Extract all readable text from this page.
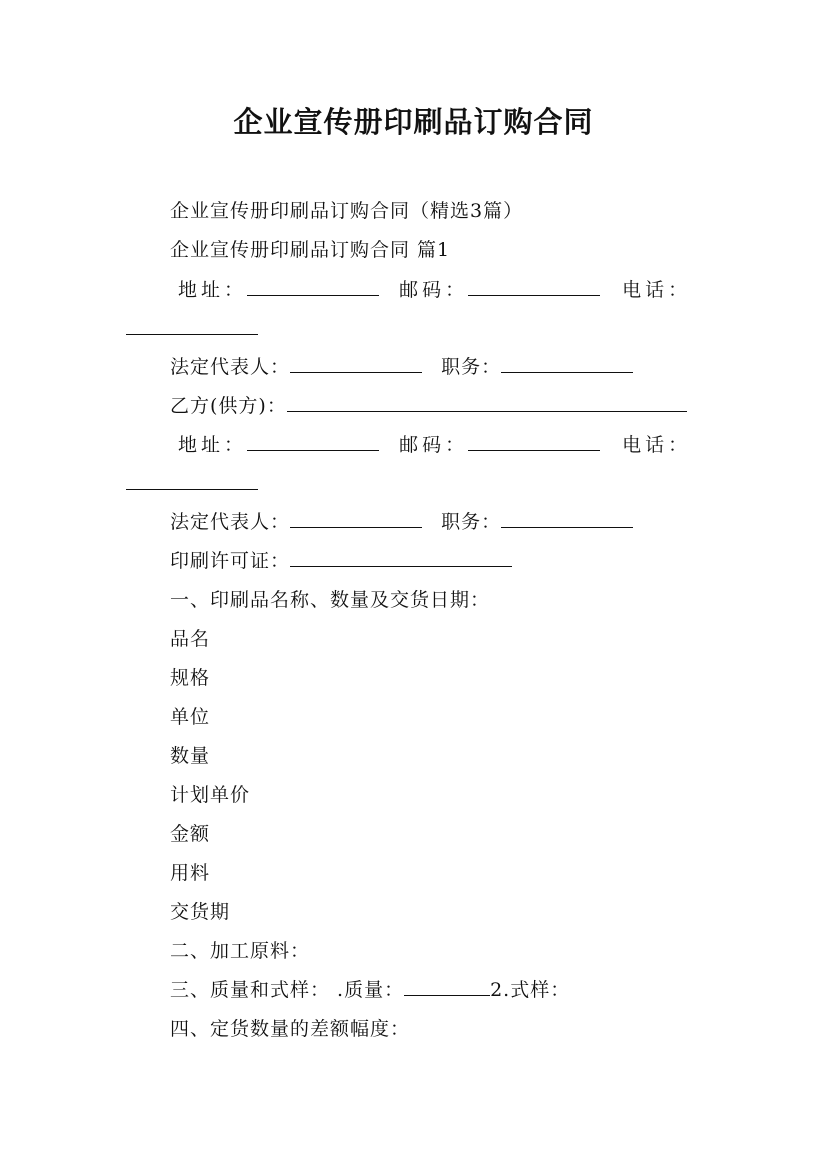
企业宣传册印刷品订购合同
企业宣传册印刷品订购合同（精选3篇）
企业宣传册印刷品订购合同 篇1
地址：	邮码：	电话：
法定代表人：	职务：
乙方(供方)：
地址：	邮码：	电话：
法定代表人：	职务：
印刷许可证：
一、印刷品名称、数量及交货日期：
品名
规格
单位
数量
计划单价
金额
用料
交货期
二、加工原料：
三、质量和式样： .质量：	2.式样：
四、定货数量的差额幅度：
